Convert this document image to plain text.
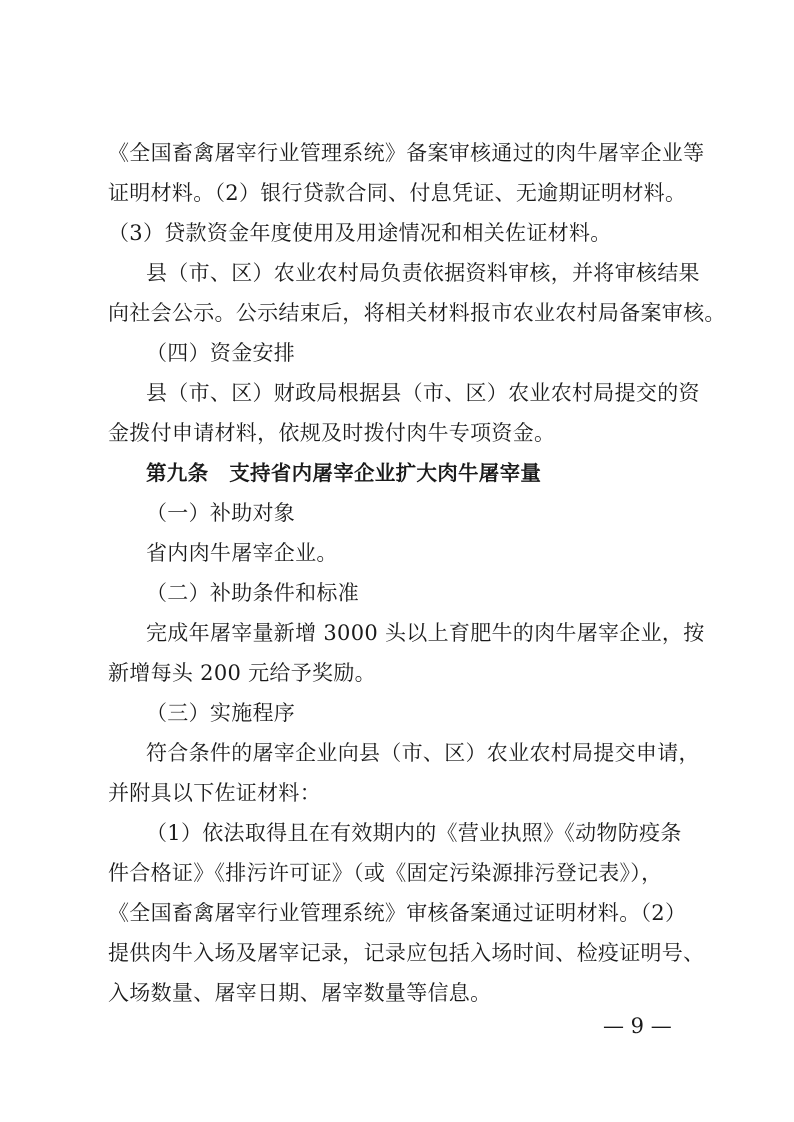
《全国畜禽屠宰行业管理系统》备案审核通过的肉牛屠宰企业等
证明材料。（2）银行贷款合同、付息凭证、无逾期证明材料。
（3）贷款资金年度使用及用途情况和相关佐证材料。
县（市、区）农业农村局负责依据资料审核，并将审核结果
向社会公示。公示结束后，将相关材料报市农业农村局备案审核。
（四）资金安排
县（市、区）财政局根据县（市、区）农业农村局提交的资
金拨付申请材料，依规及时拨付肉牛专项资金。
第九条　支持省内屠宰企业扩大肉牛屠宰量
（一）补助对象
省内肉牛屠宰企业。
（二）补助条件和标准
完成年屠宰量新增 3000 头以上育肥牛的肉牛屠宰企业，按
新增每头 200 元给予奖励。
（三）实施程序
符合条件的屠宰企业向县（市、区）农业农村局提交申请，
并附具以下佐证材料：
（1）依法取得且在有效期内的《营业执照》《动物防疫条
件合格证》《排污许可证》（或《固定污染源排污登记表》），
《全国畜禽屠宰行业管理系统》审核备案通过证明材料。（2）
提供肉牛入场及屠宰记录，记录应包括入场时间、检疫证明号、
入场数量、屠宰日期、屠宰数量等信息。
— 9 —
